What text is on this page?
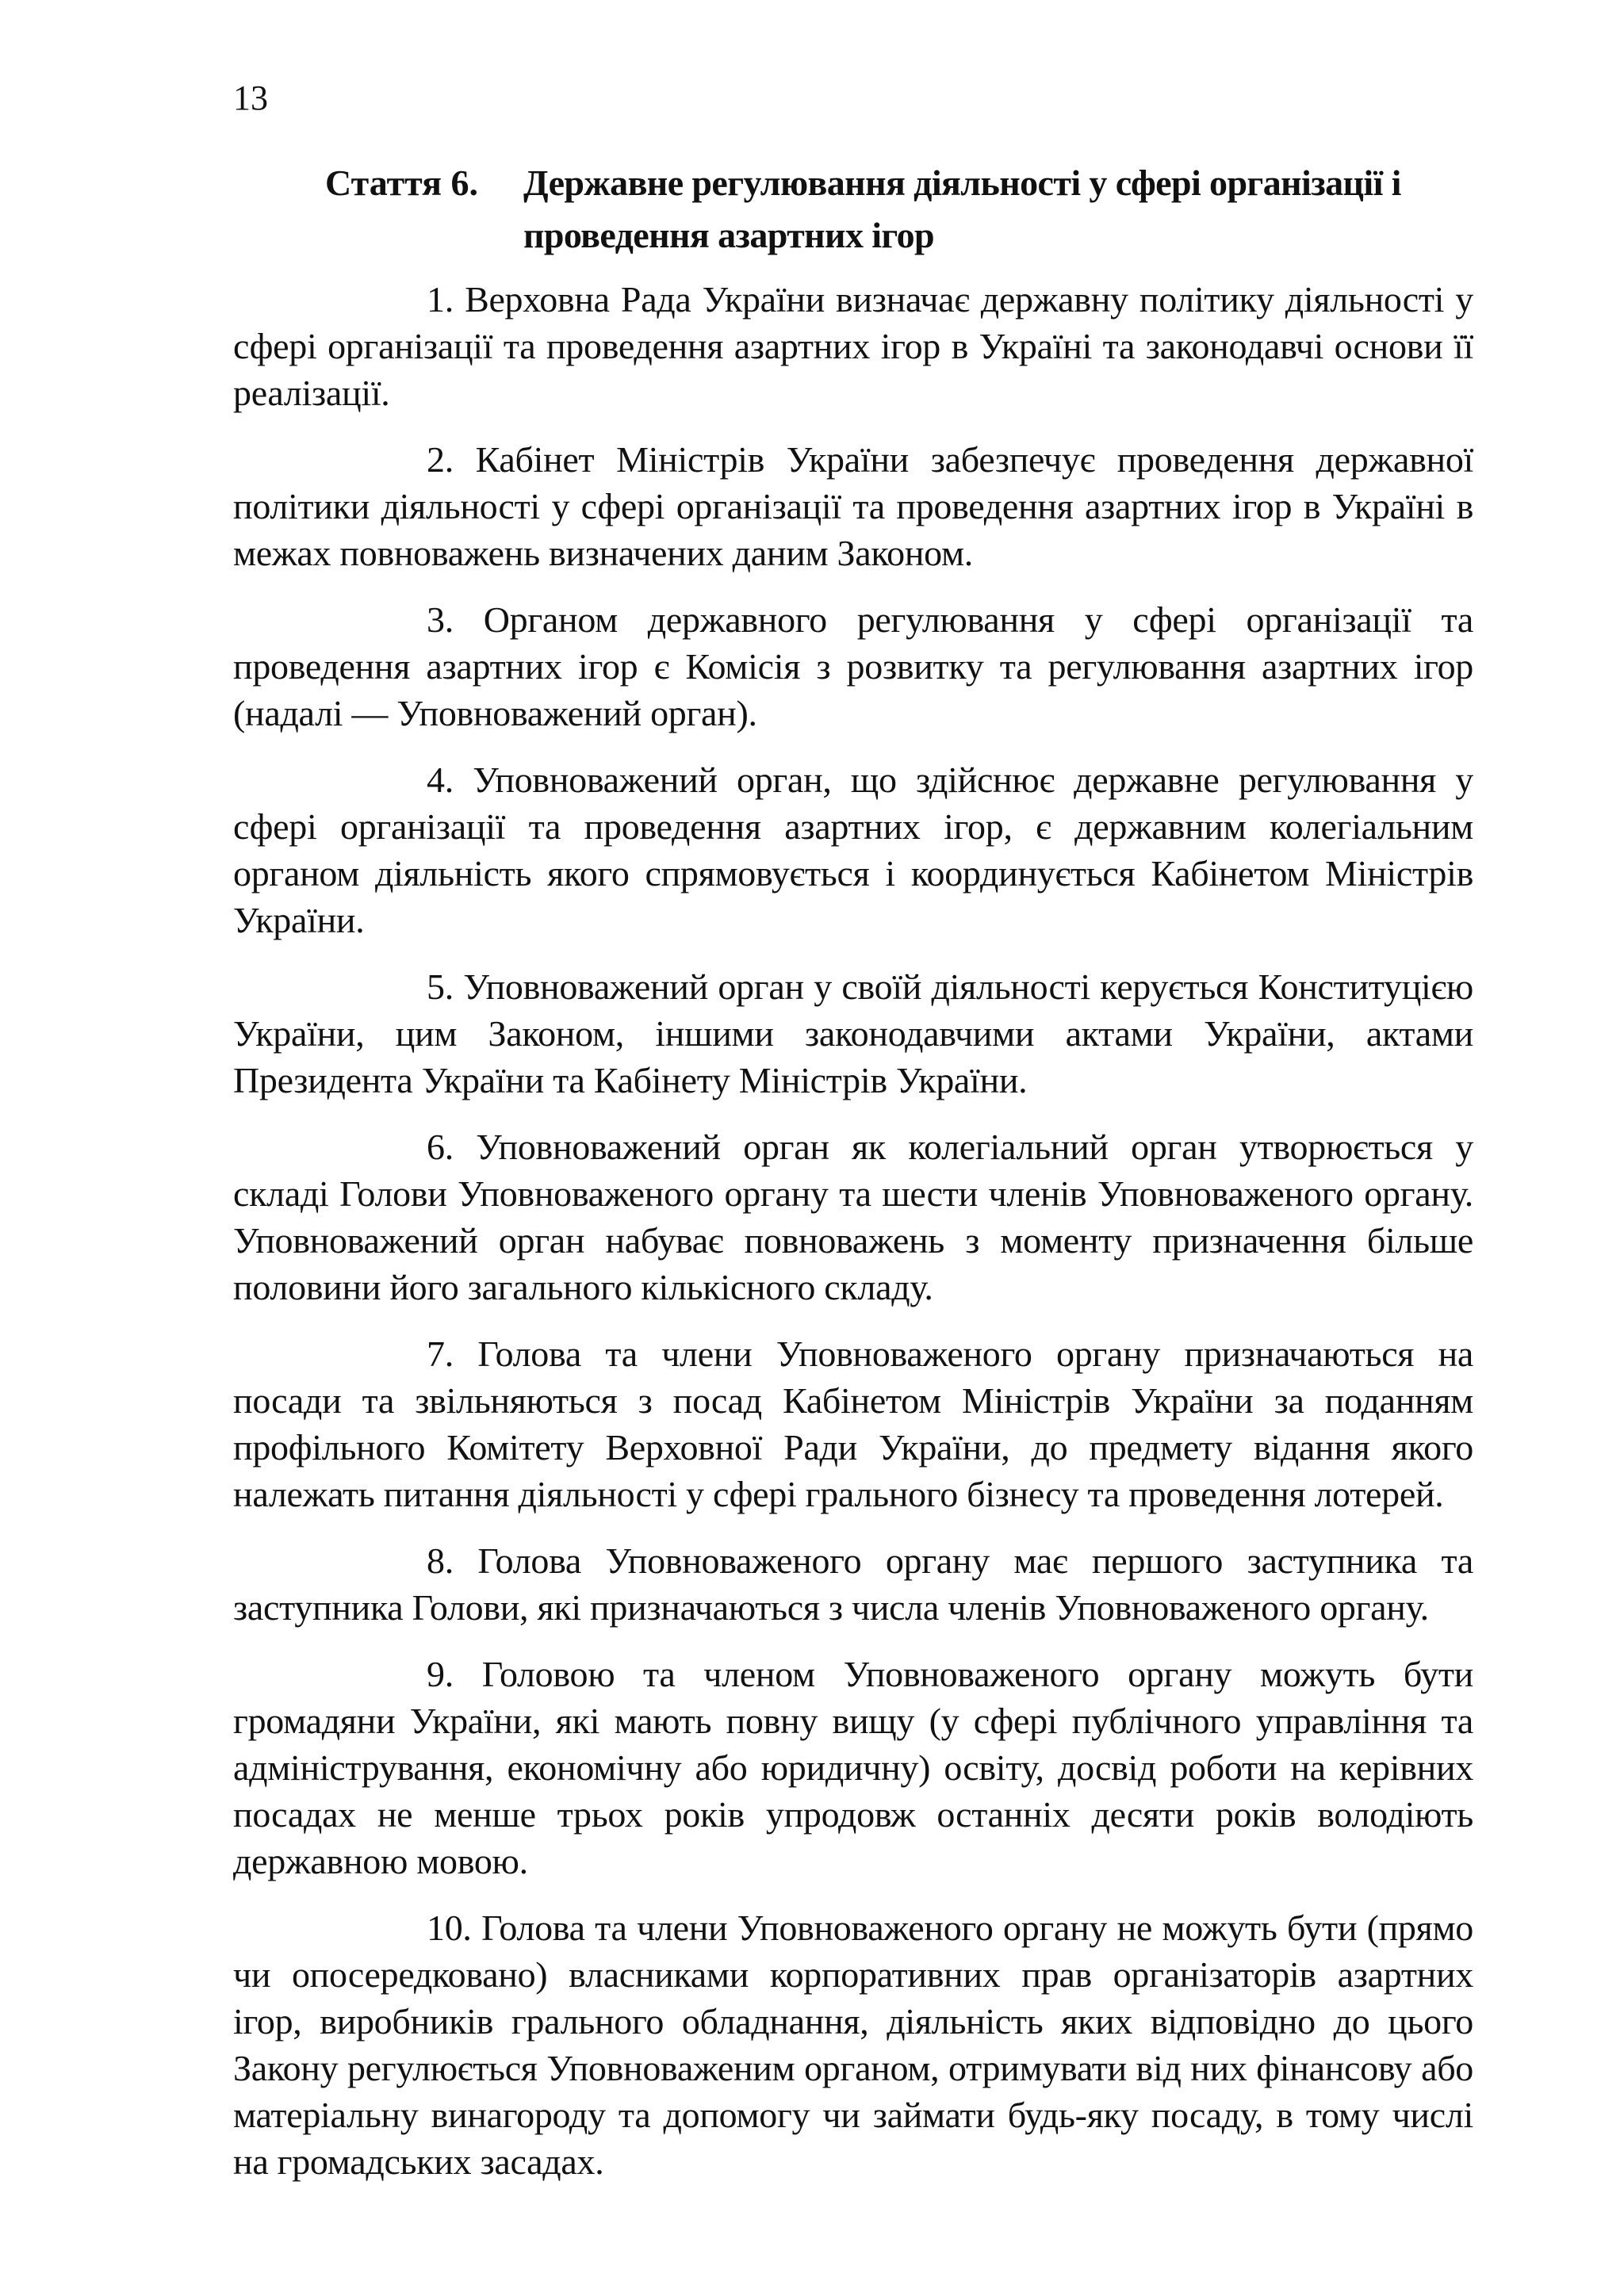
13
Стаття 6.	Державне регулювання діяльності у сфері організації і проведення азартних ігор

1. Верховна Рада України визначає державну політику діяльності у сфері організації та проведення азартних ігор в Україні та законодавчі основи її реалізації.

2. Кабінет Міністрів України забезпечує проведення державної політики діяльності у сфері організації та проведення азартних ігор в Україні в межах повноважень визначених даним Законом.

3. Органом державного регулювання у сфері організації та проведення азартних ігор є Комісія з розвитку та регулювання азартних ігор (надалі — Уповноважений орган).

4. Уповноважений орган, що здійснює державне регулювання у сфері організації та проведення азартних ігор, є державним колегіальним органом діяльність якого спрямовується і координується Кабінетом Міністрів України.

5. Уповноважений орган у своїй діяльності керується Конституцією України, цим Законом, іншими законодавчими актами України, актами Президента України та Кабінету Міністрів України.

6. Уповноважений орган як колегіальний орган утворюється у складі Голови Уповноваженого органу та шести членів Уповноваженого органу. Уповноважений орган набуває повноважень з моменту призначення більше половини його загального кількісного складу.

7. Голова та члени Уповноваженого органу призначаються на посади та звільняються з посад Кабінетом Міністрів України за поданням профільного Комітету Верховної Ради України, до предмету відання якого належать питання діяльності у сфері грального бізнесу та проведення лотерей.

8. Голова Уповноваженого органу має першого заступника та заступника Голови, які призначаються з числа членів Уповноваженого органу.

9. Головою та членом Уповноваженого органу можуть бути громадяни України, які мають повну вищу (у сфері публічного управління та адміністрування, економічну або юридичну) освіту, досвід роботи на керівних посадах не менше трьох років упродовж останніх десяти років володіють державною мовою.

10. Голова та члени Уповноваженого органу не можуть бути (прямо чи опосередковано) власниками корпоративних прав організаторів азартних ігор, виробників грального обладнання, діяльність яких відповідно до цього Закону регулюється Уповноваженим органом, отримувати від них фінансову або матеріальну винагороду та допомогу чи займати будь-яку посаду, в тому числі на громадських засадах.
